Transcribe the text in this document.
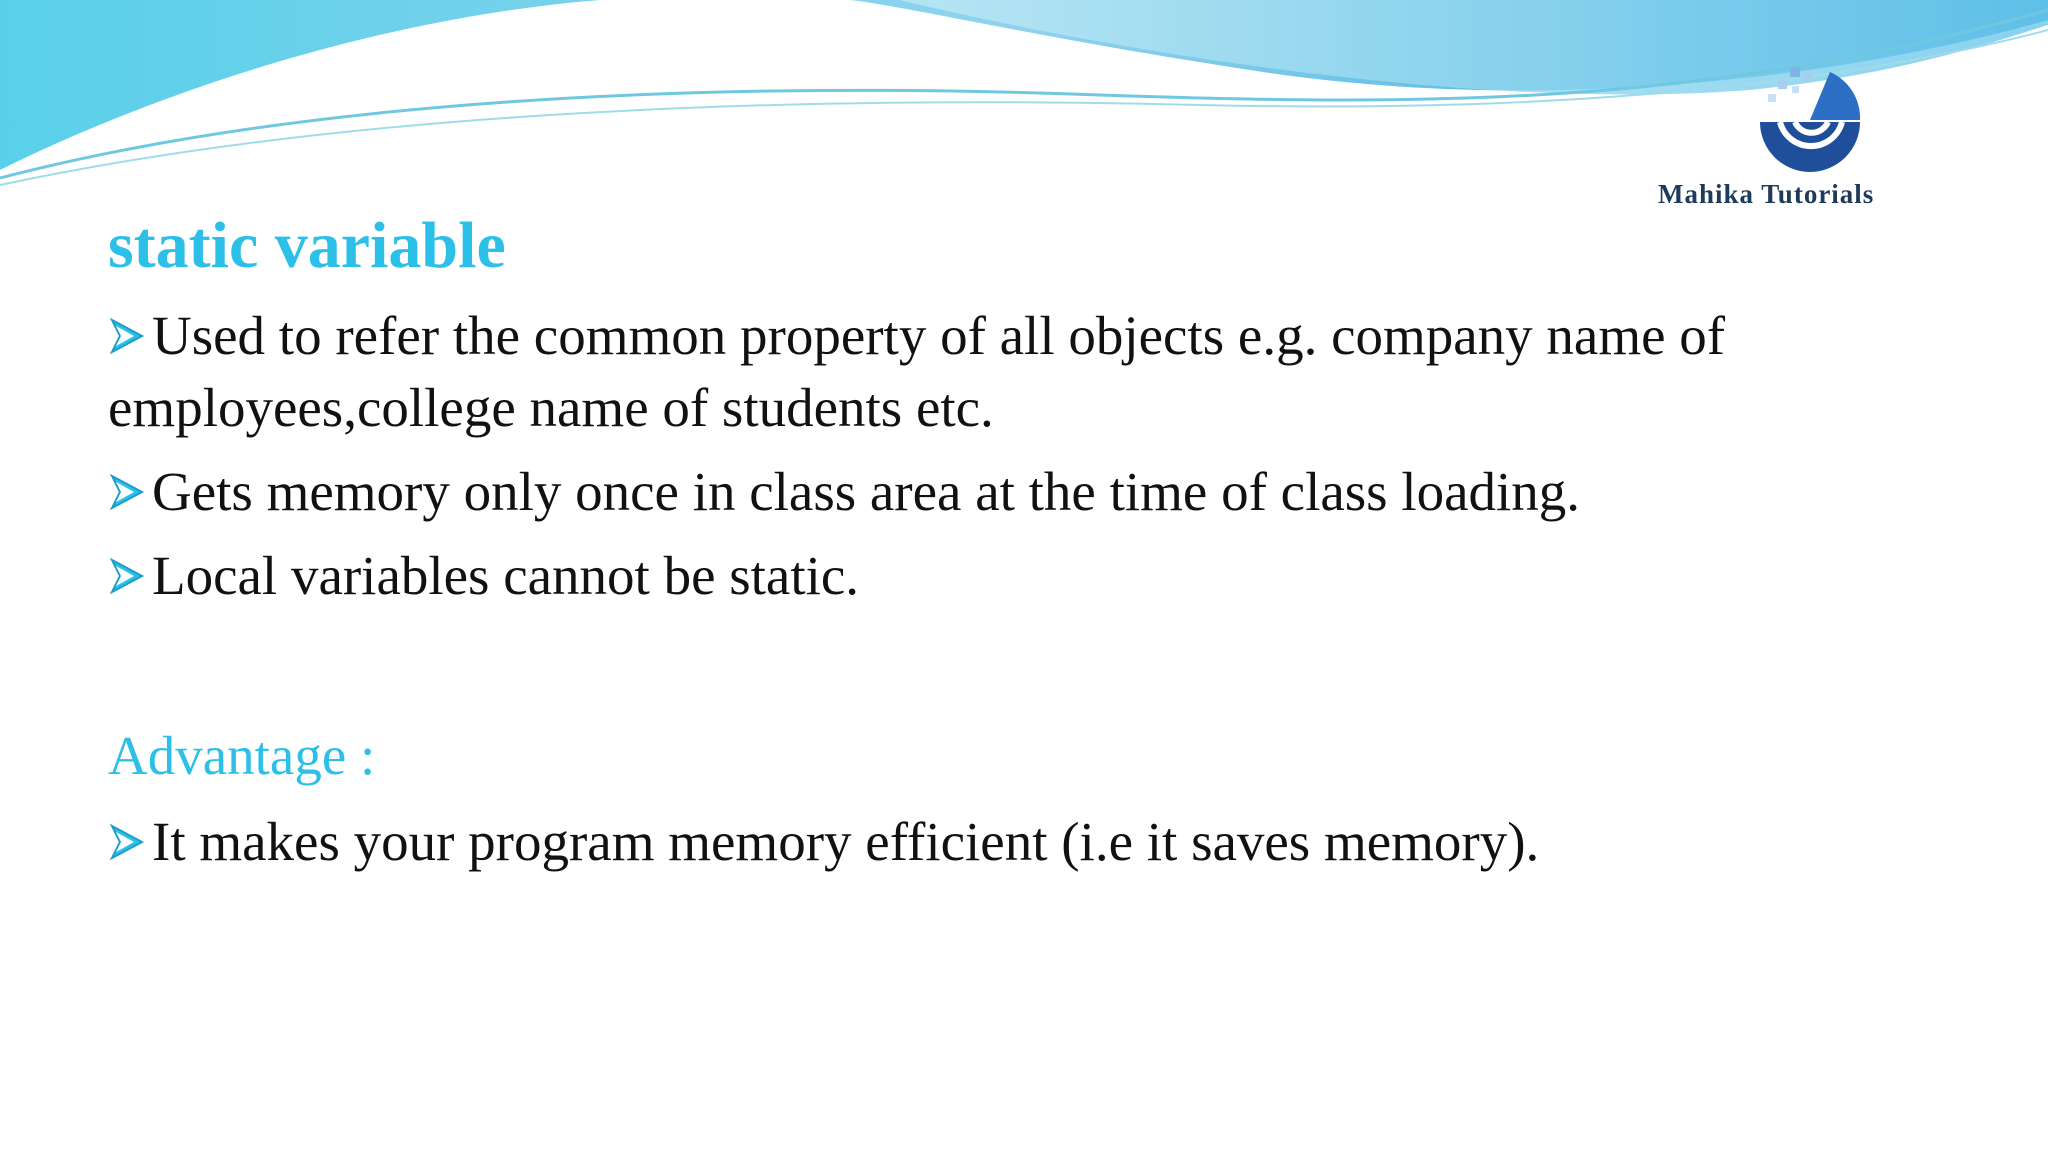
Mahika Tutorials
static variable
Used to refer the common property of all objects e.g. company name of employees,college name of students etc.
Gets memory only once in class area at the time of class loading.
Local variables cannot be static.
Advantage :
It makes your program memory efficient (i.e it saves memory).
